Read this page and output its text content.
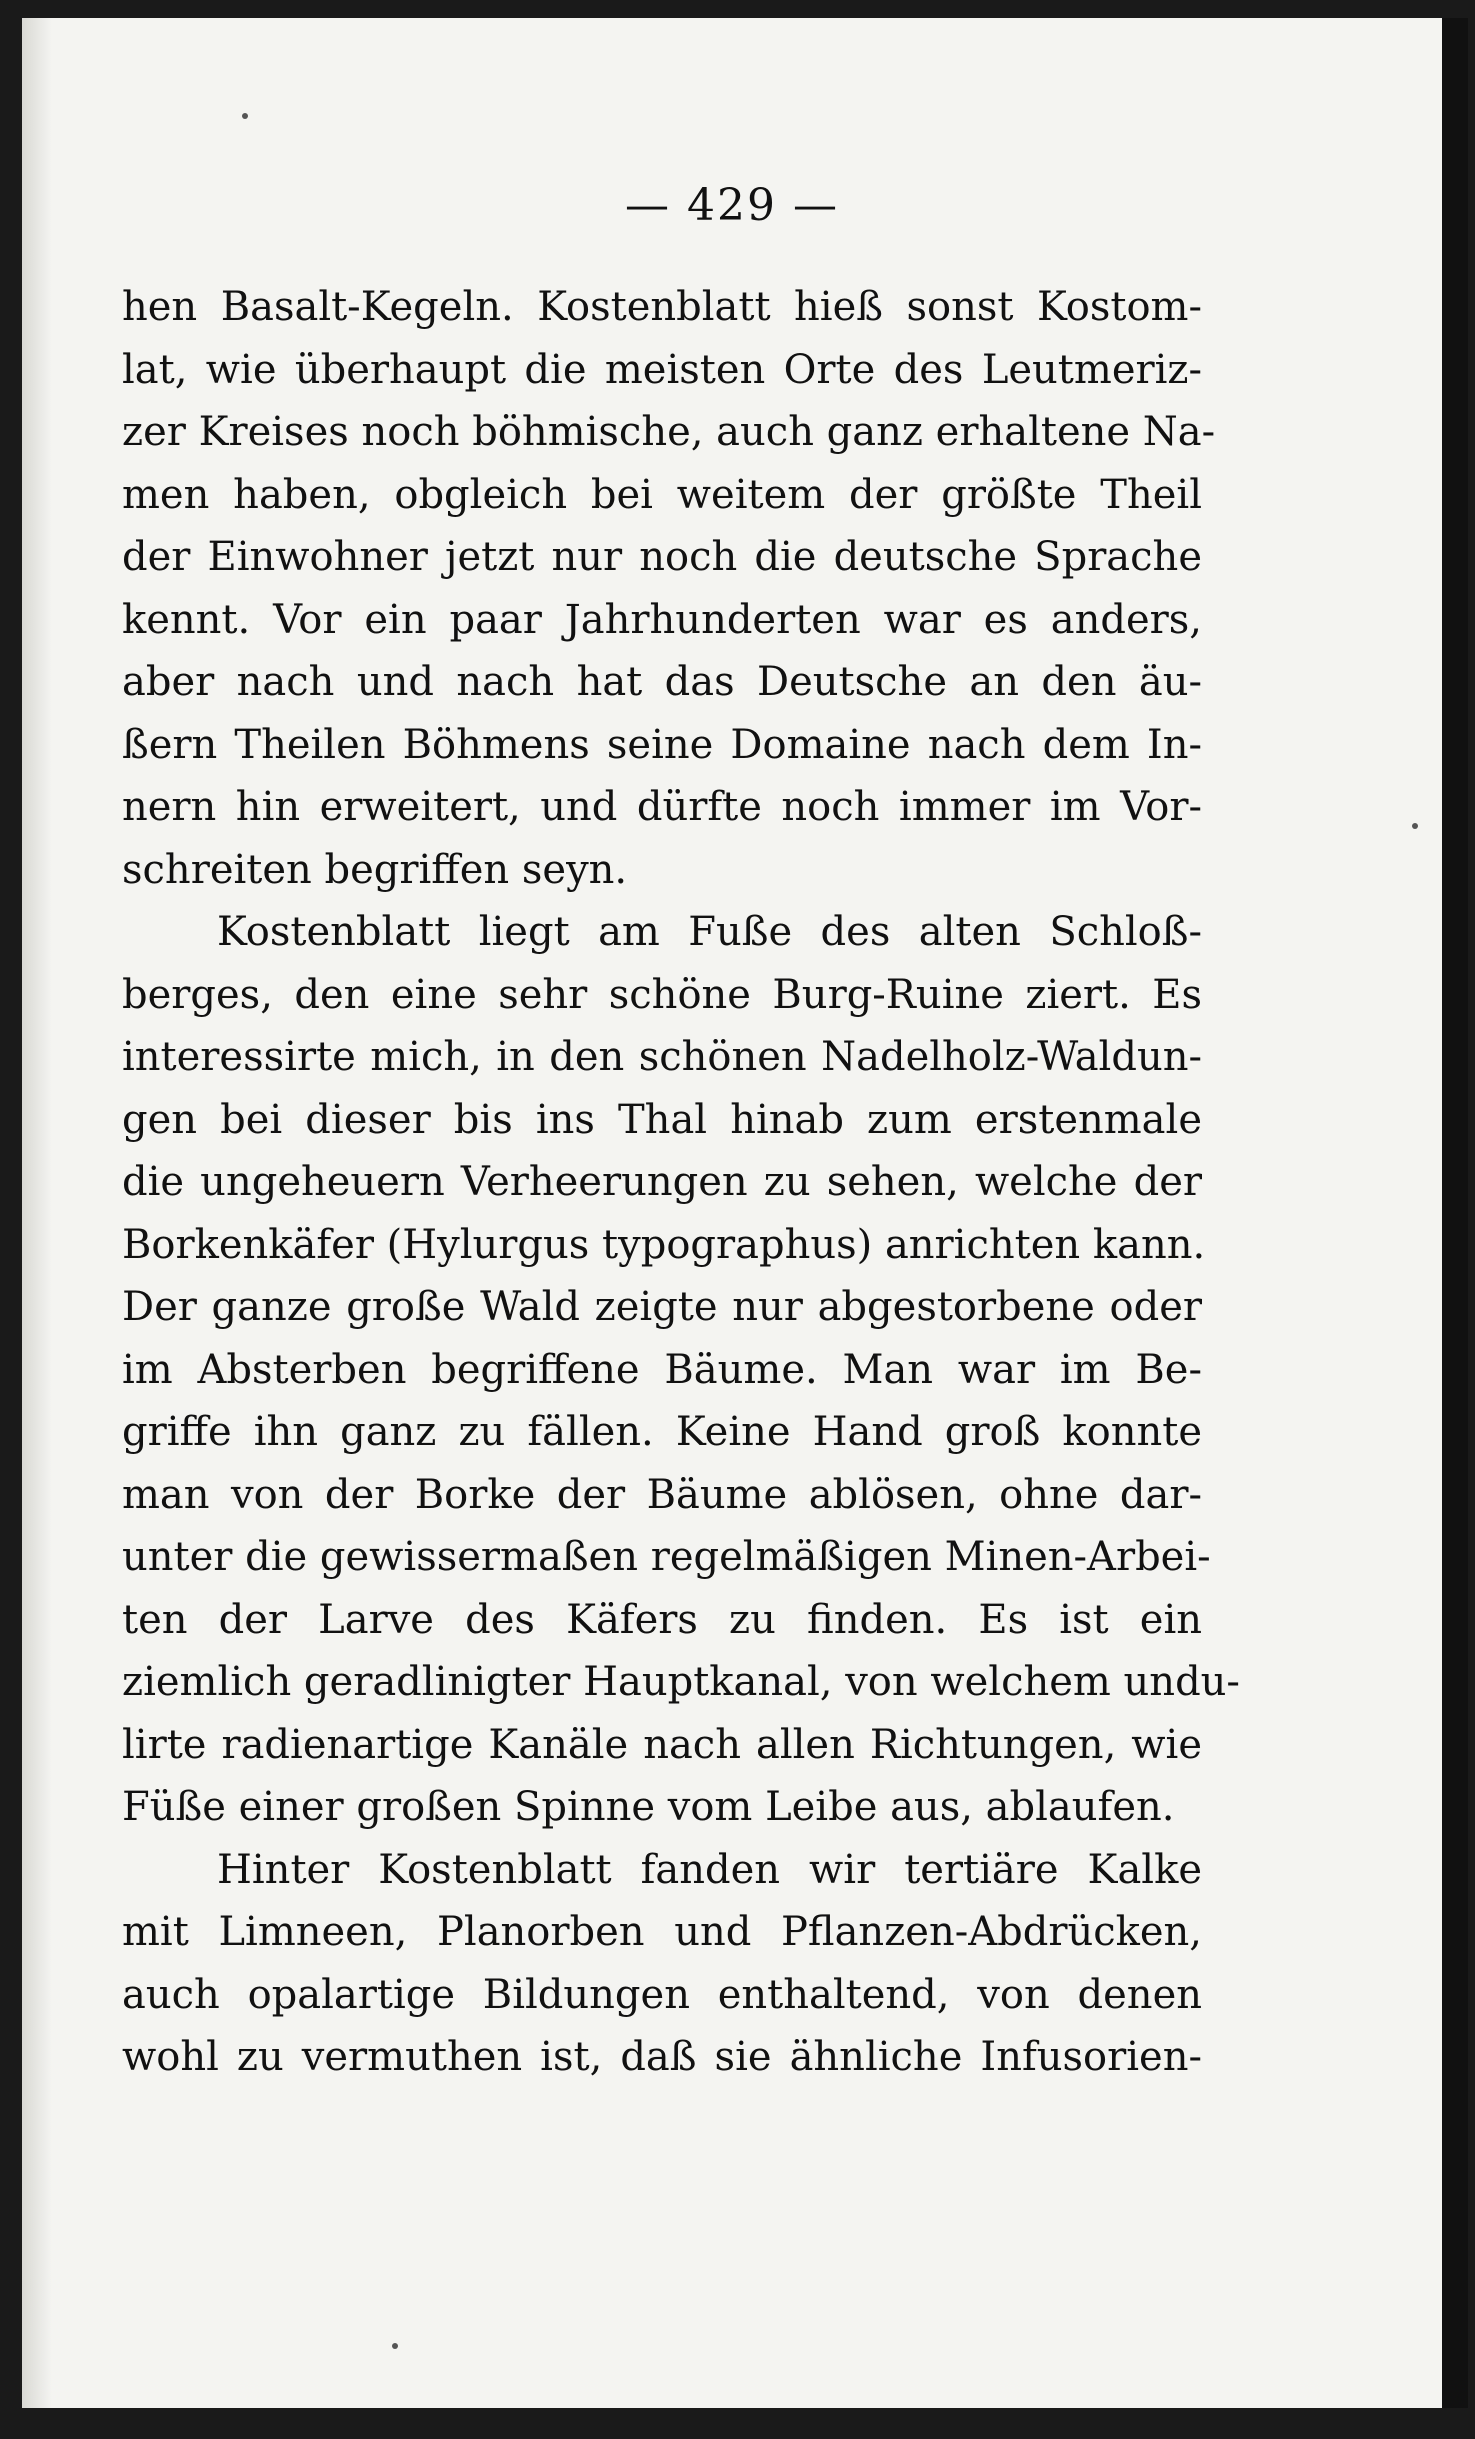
— 429 —
hen Basalt-Kegeln. Kostenblatt hieß sonst Kostom-
lat, wie überhaupt die meisten Orte des Leutmeriz-
zer Kreises noch böhmische, auch ganz erhaltene Na-
men haben, obgleich bei weitem der größte Theil
der Einwohner jetzt nur noch die deutsche Sprache
kennt. Vor ein paar Jahrhunderten war es anders,
aber nach und nach hat das Deutsche an den äu-
ßern Theilen Böhmens seine Domaine nach dem In-
nern hin erweitert, und dürfte noch immer im Vor-
schreiten begriffen seyn.
Kostenblatt liegt am Fuße des alten Schloß-
berges, den eine sehr schöne Burg-Ruine ziert. Es
interessirte mich, in den schönen Nadelholz-Waldun-
gen bei dieser bis ins Thal hinab zum erstenmale
die ungeheuern Verheerungen zu sehen, welche der
Borkenkäfer (Hylurgus typographus) anrichten kann.
Der ganze große Wald zeigte nur abgestorbene oder
im Absterben begriffene Bäume. Man war im Be-
griffe ihn ganz zu fällen. Keine Hand groß konnte
man von der Borke der Bäume ablösen, ohne dar-
unter die gewissermaßen regelmäßigen Minen-Arbei-
ten der Larve des Käfers zu finden. Es ist ein
ziemlich geradlinigter Hauptkanal, von welchem undu-
lirte radienartige Kanäle nach allen Richtungen, wie
Füße einer großen Spinne vom Leibe aus, ablaufen.
Hinter Kostenblatt fanden wir tertiäre Kalke
mit Limneen, Planorben und Pflanzen-Abdrücken,
auch opalartige Bildungen enthaltend, von denen
wohl zu vermuthen ist, daß sie ähnliche Infusorien-
